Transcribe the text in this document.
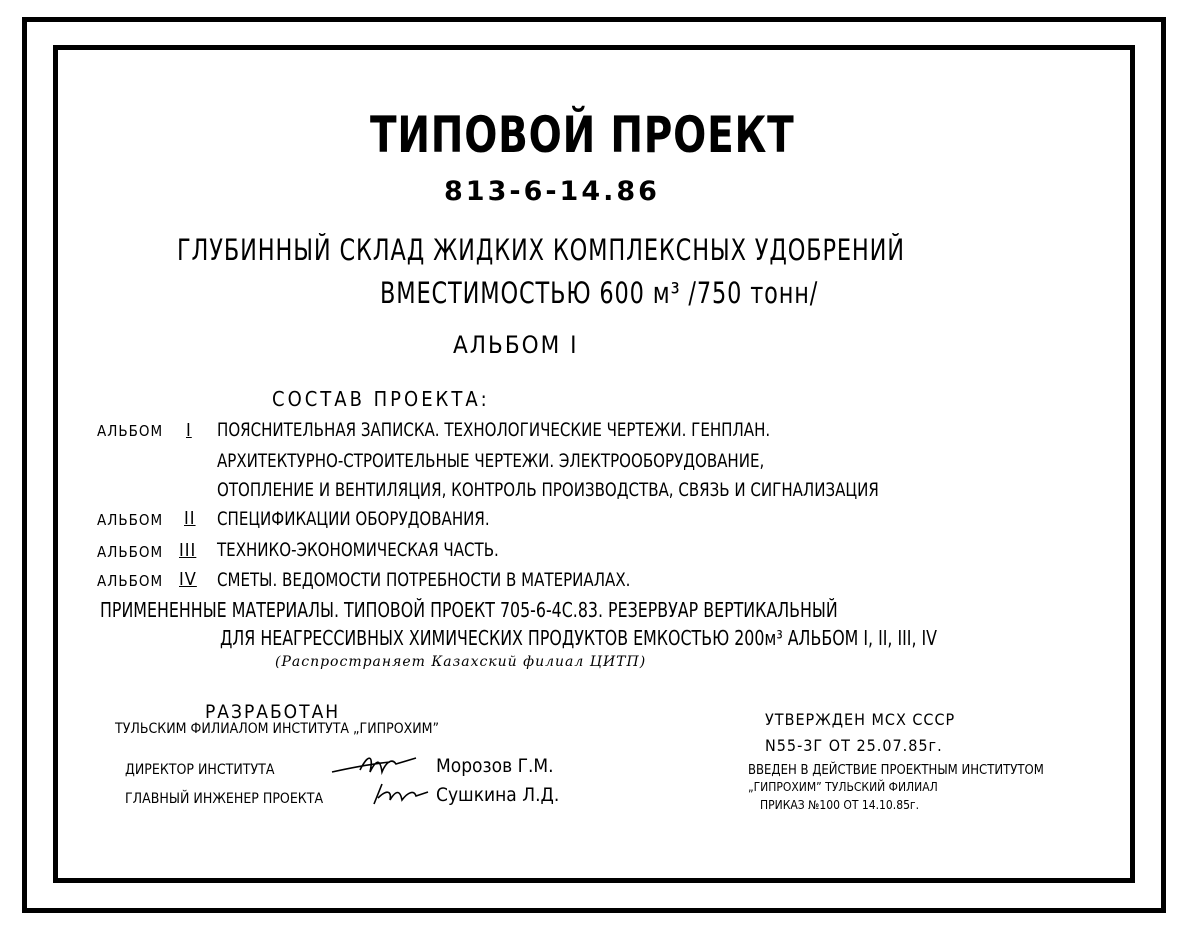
ТИПОВОЙ ПРОЕКТ
813-6-14.86
ГЛУБИННЫЙ СКЛАД ЖИДКИХ КОМПЛЕКСНЫХ УДОБРЕНИЙ
ВМЕСТИМОСТЬЮ 600 м³ /750 тонн/
АЛЬБОМ I
СОСТАВ ПРОЕКТА:
АЛЬБОМ I ПОЯСНИТЕЛЬНАЯ ЗАПИСКА. ТЕХНОЛОГИЧЕСКИЕ ЧЕРТЕЖИ. ГЕНПЛАН.
АРХИТЕКТУРНО-СТРОИТЕЛЬНЫЕ ЧЕРТЕЖИ. ЭЛЕКТРООБОРУДОВАНИЕ,
ОТОПЛЕНИЕ И ВЕНТИЛЯЦИЯ, КОНТРОЛЬ ПРОИЗВОДСТВА, СВЯЗЬ И СИГНАЛИЗАЦИЯ
АЛЬБОМ II СПЕЦИФИКАЦИИ ОБОРУДОВАНИЯ.
АЛЬБОМ III ТЕХНИКО-ЭКОНОМИЧЕСКАЯ ЧАСТЬ.
АЛЬБОМ IV СМЕТЫ. ВЕДОМОСТИ ПОТРЕБНОСТИ В МАТЕРИАЛАХ.
ПРИМЕНЕННЫЕ МАТЕРИАЛЫ. ТИПОВОЙ ПРОЕКТ 705-6-4С.83. РЕЗЕРВУАР ВЕРТИКАЛЬНЫЙ
ДЛЯ НЕАГРЕССИВНЫХ ХИМИЧЕСКИХ ПРОДУКТОВ ЕМКОСТЬЮ 200м³ АЛЬБОМ I, II, III, IV
(Распространяет Казахский филиал ЦИТП)
РАЗРАБОТАН
ТУЛЬСКИМ ФИЛИАЛОМ ИНСТИТУТА „ГИПРОХИМ”
ДИРЕКТОР ИНСТИТУТА	Морозов Г.М.
ГЛАВНЫЙ ИНЖЕНЕР ПРОЕКТА	Сушкина Л.Д.
УТВЕРЖДЕН МСХ СССР
N55-3Г ОТ 25.07.85г.
ВВЕДЕН В ДЕЙСТВИЕ ПРОЕКТНЫМ ИНСТИТУТОМ
„ГИПРОХИМ” ТУЛЬСКИЙ ФИЛИАЛ
ПРИКАЗ №100 ОТ 14.10.85г.
